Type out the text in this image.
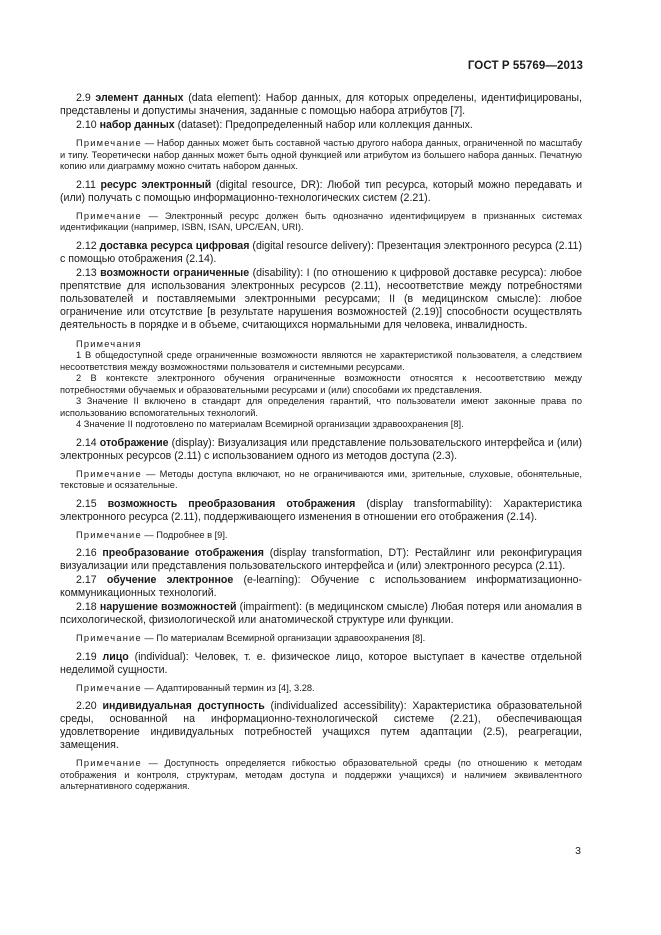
ГОСТ Р 55769—2013

2.9 элемент данных (data element): Набор данных, для которых определены, идентифицированы, представлены и допустимы значения, заданные с помощью набора атрибутов [7].

2.10 набор данных (dataset): Предопределенный набор или коллекция данных.

Примечание — Набор данных может быть составной частью другого набора данных, ограниченной по масштабу и типу. Теоретически набор данных может быть одной функцией или атрибутом из большего набора данных. Печатную копию или диаграмму можно считать набором данных.

2.11 ресурс электронный (digital resource, DR): Любой тип ресурса, который можно передавать и (или) получать с помощью информационно-технологических систем (2.21).

Примечание — Электронный ресурс должен быть однозначно идентифицируем в признанных системах идентификации (например, ISBN, ISAN, UPC/EAN, URI).

2.12 доставка ресурса цифровая (digital resource delivery): Презентация электронного ресурса (2.11) с помощью отображения (2.14).

2.13 возможности ограниченные (disability): I (по отношению к цифровой доставке ресурса): любое препятствие для использования электронных ресурсов (2.11), несоответствие между потребностями пользователей и поставляемыми электронными ресурсами; II (в медицинском смысле): любое ограничение или отсутствие [в результате нарушения возможностей (2.19)] способности осуществлять деятельность в порядке и в объеме, считающихся нормальными для человека, инвалидность.

Примечания

1 В общедоступной среде ограниченные возможности являются не характеристикой пользователя, а следствием несоответствия между возможностями пользователя и системными ресурсами.

2 В контексте электронного обучения ограниченные возможности относятся к несоответствию между потребностями обучаемых и образовательными ресурсами и (или) способами их представления.

3 Значение II включено в стандарт для определения гарантий, что пользователи имеют законные права по использованию вспомогательных технологий.

4 Значение II подготовлено по материалам Всемирной организации здравоохранения [8].

2.14 отображение (display): Визуализация или представление пользовательского интерфейса и (или) электронных ресурсов (2.11) с использованием одного из методов доступа (2.3).

Примечание — Методы доступа включают, но не ограничиваются ими, зрительные, слуховые, обонятельные, текстовые и осязательные.

2.15 возможность преобразования отображения (display transformability): Характеристика электронного ресурса (2.11), поддерживающего изменения в отношении его отображения (2.14).

Примечание — Подробнее в [9].

2.16 преобразование отображения (display transformation, DT): Рестайлинг или реконфигурация визуализации или представления пользовательского интерфейса и (или) электронного ресурса (2.11).

2.17 обучение электронное (e-learning): Обучение с использованием информатизационно-коммуникационных технологий.

2.18 нарушение возможностей (impairment): (в медицинском смысле) Любая потеря или аномалия в психологической, физиологической или анатомической структуре или функции.

Примечание — По материалам Всемирной организации здравоохранения [8].

2.19 лицо (individual): Человек, т. е. физическое лицо, которое выступает в качестве отдельной неделимой сущности.

Примечание — Адаптированный термин из [4], 3.28.

2.20 индивидуальная доступность (individualized accessibility): Характеристика образовательной среды, основанной на информационно-технологической системе (2.21), обеспечивающая удовлетворение индивидуальных потребностей учащихся путем адаптации (2.5), реагрегации, замещения.

Примечание — Доступность определяется гибкостью образовательной среды (по отношению к методам отображения и контроля, структурам, методам доступа и поддержки учащихся) и наличием эквивалентного альтернативного содержания.

3
